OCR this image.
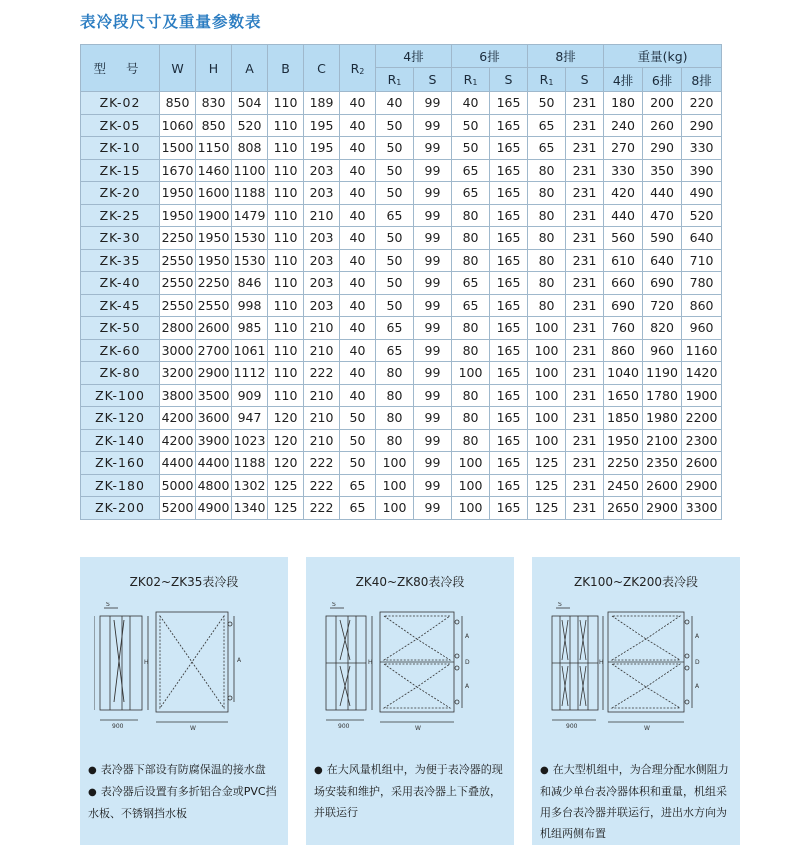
表冷段尺寸及重量参数表
型 号	W	H	A	B	C	R2	4排		6排		8排		重量(kg)		
							R1	S	R1	S	R1	S	4排	6排	8排
ZK-02	850	830	504	110	189	40	40	99	40	165	50	231	180	200	220
ZK-05	1060	850	520	110	195	40	50	99	50	165	65	231	240	260	290
ZK-10	1500	1150	808	110	195	40	50	99	50	165	65	231	270	290	330
ZK-15	1670	1460	1100	110	203	40	50	99	65	165	80	231	330	350	390
ZK-20	1950	1600	1188	110	203	40	50	99	65	165	80	231	420	440	490
ZK-25	1950	1900	1479	110	210	40	65	99	80	165	80	231	440	470	520
ZK-30	2250	1950	1530	110	203	40	50	99	80	165	80	231	560	590	640
ZK-35	2550	1950	1530	110	203	40	50	99	80	165	80	231	610	640	710
ZK-40	2550	2250	846	110	203	40	50	99	65	165	80	231	660	690	780
ZK-45	2550	2550	998	110	203	40	50	99	65	165	80	231	690	720	860
ZK-50	2800	2600	985	110	210	40	65	99	80	165	100	231	760	820	960
ZK-60	3000	2700	1061	110	210	40	65	99	80	165	100	231	860	960	1160
ZK-80	3200	2900	1112	110	222	40	80	99	100	165	100	231	1040	1190	1420
ZK-100	3800	3500	909	110	210	40	80	99	80	165	100	231	1650	1780	1900
ZK-120	4200	3600	947	120	210	50	80	99	80	165	100	231	1850	1980	2200
ZK-140	4200	3900	1023	120	210	50	80	99	80	165	100	231	1950	2100	2300
ZK-160	4400	4400	1188	120	222	50	100	99	100	165	125	231	2250	2350	2600
ZK-180	5000	4800	1302	125	222	65	100	99	100	165	125	231	2450	2600	2900
ZK-200	5200	4900	1340	125	222	65	100	99	100	165	125	231	2650	2900	3300
ZK02~ZK35表冷段
S
H	A
W
900
● 表冷器下部设有防腐保温的接水盘
● 表冷器后设置有多折铝合金或PVC挡水板、不锈钢挡水板
ZK40~ZK80表冷段
S
H
A
D
A
W
900
● 在大风量机组中，为便于表冷器的现场安装和维护，采用表冷器上下叠放，并联运行
ZK100~ZK200表冷段
S
H
A
D
A
W
900
● 在大型机组中，为合理分配水侧阻力和减少单台表冷器体积和重量，机组采用多台表冷器并联运行，进出水方向为机组两侧布置
